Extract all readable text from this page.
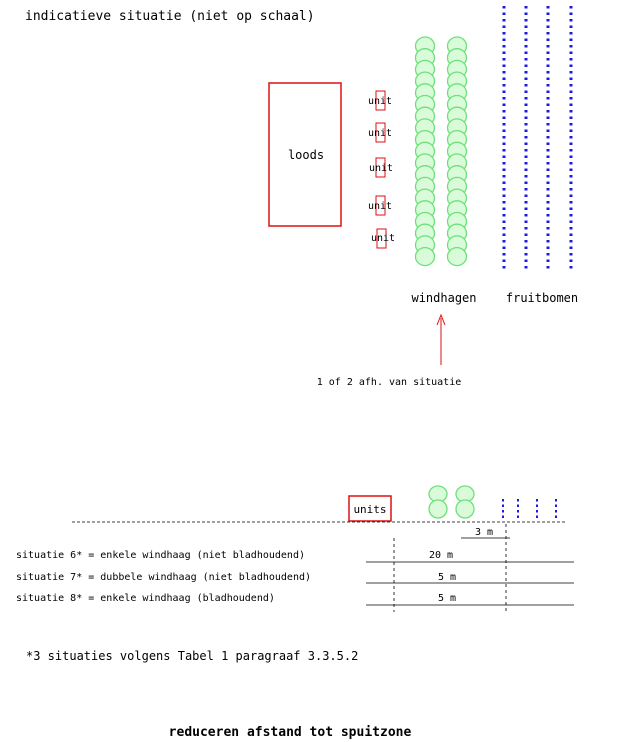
indicatieve situatie (niet op schaal)
loods
unit
unit
unit
unit
unit
windhagen fruitbomen
1 of 2 afh. van situatie
units
3 m
situatie 6* = enkele windhaag (niet bladhoudend)	20 m
situatie 7* = dubbele windhaag (niet bladhoudend)	5 m
situatie 8* = enkele windhaag (bladhoudend)	5 m
*3 situaties volgens Tabel 1 paragraaf 3.3.5.2
reduceren afstand tot spuitzone
